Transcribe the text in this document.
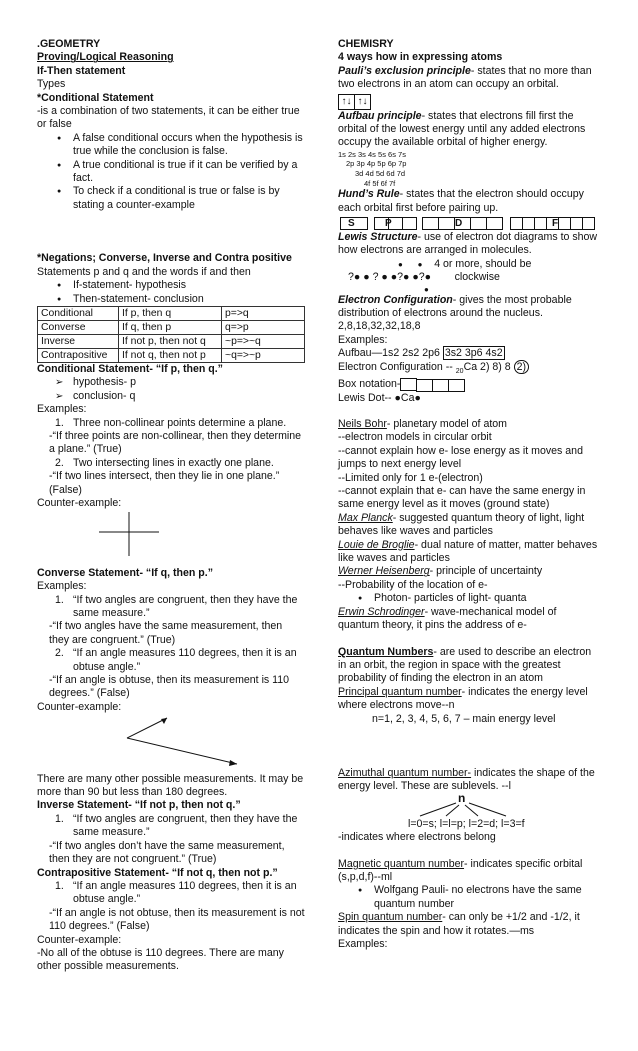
.GEOMETRY

Proving/Logical Reasoning

If-Then statement

Types

*Conditional Statement

-is a combination of two statements, it can be either true or false

● A false conditional occurs when the hypothesis is true while the conclusion is false.
● A true conditional is true if it can be verified by a fact.
● To check if a conditional is true or false is by stating a counter-example

*Negations; Converse, Inverse and Contra positive

Statements p and q and the words if and then

● If-statement- hypothesis
● Then-statement- conclusion
Conditional	If p, then q	p=>q
Converse	If q, then p	q=>p
Inverse	If not p, then not q	~p=>~q
Contrapositive	If not q, then not p	~q=>~p

Conditional Statement- “If p, then q.”

➢ hypothesis- p
➢ conclusion- q

Examples:

1. Three non-collinear points determine a plane.

-“If three points are non-collinear, then they determine a plane.” (True)

2. Two intersecting lines in exactly one plane.

-“If two lines intersect, then they lie in one plane.” (False)

Counter-example:

Converse Statement- “If q, then p.”

Examples:

1. “If two angles are congruent, then they have the same measure.”

-“If two angles have the same measurement, then they are congruent.” (True)

2. “If an angle measures 110 degrees, then it is an obtuse angle.”

-“If an angle is obtuse, then its measurement is 110 degrees.” (False)

Counter-example:

There are many other possible measurements. It may be more than 90 but less than 180 degrees.

Inverse Statement- “If not p, then not q.”

1. “If two angles are congruent, then they have the same measure.”

-“If two angles don’t have the same measurement, then they are not congruent.” (True)

Contrapositive Statement- “If not q, then not p.”

1. “If an angle measures 110 degrees, then it is an obtuse angle.”

-“If an angle is not obtuse, then its measurement is not 110 degrees.” (False)

Counter-example:

-No all of the obtuse is 110 degrees. There are many other possible measurements.

CHEMISRY

4 ways how in expressing atoms

Pauli’s exclusion principle- states that no more than two electrons in an atom can occupy an orbital.

↑↓ ↑↓

Aufbau principle- states that electrons fill first the orbital of the lowest energy until any added electrons occupy the available orbital of higher energy.

1s 2s 3s 4s 5s 6s 7s

2p 3p 4p 5p 6p 7p

3d 4d 5d 6d 7d

4f 5f 6f 7f

Hund’s Rule- states that the electron should occupy each orbital first before pairing up.

S	P	D	F

Lewis Structure- use of electron dot diagrams to show how electrons are arranged in molecules.

● ● 4 or more, should be

?● ● ? ● ●?● ●?● clockwise

●

Electron Configuration- gives the most probable distribution of electrons around the nucleus.

2,8,18,32,32,18,8

Examples:

Aufbau—1s2 2s2 2p6 3s2 3p6 4s2

Electron Configuration -- $_{20}$Ca 2) 8) 8 2)

Box notation-

Lewis Dot-- ●Ca●

Neils Bohr- planetary model of atom

--electron models in circular orbit

--cannot explain how e- lose energy as it moves and jumps to next energy level

--Limited only for 1 e-(electron)

--cannot explain that e- can have the same energy in same energy level as it moves (ground state)

Max Planck- suggested quantum theory of light, light behaves like waves and particles

Louie de Broglie- dual nature of matter, matter behaves like waves and particles

Werner Heisenberg- principle of uncertainty

--Probability of the location of e-

● Photon- particles of light- quanta

Erwin Schrodinger- wave-mechanical model of quantum theory, it pins the address of e-

Quantum Numbers- are used to describe an electron in an orbit, the region in space with the greatest probability of finding the electron in an atom

Principal quantum number- indicates the energy level where electrons move--n

n=1, 2, 3, 4, 5, 6, 7 – main energy level

Azimuthal quantum number- indicates the shape of the energy level. These are sublevels. --l

n

l=0=s; l=l=p; l=2=d; l=3=f

-indicates where electrons belong

Magnetic quantum number- indicates specific orbital (s,p,d,f)--ml

● Wolfgang Pauli- no electrons have the same quantum number

Spin quantum number- can only be +1/2 and -1/2, it indicates the spin and how it rotates.—ms

Examples:
